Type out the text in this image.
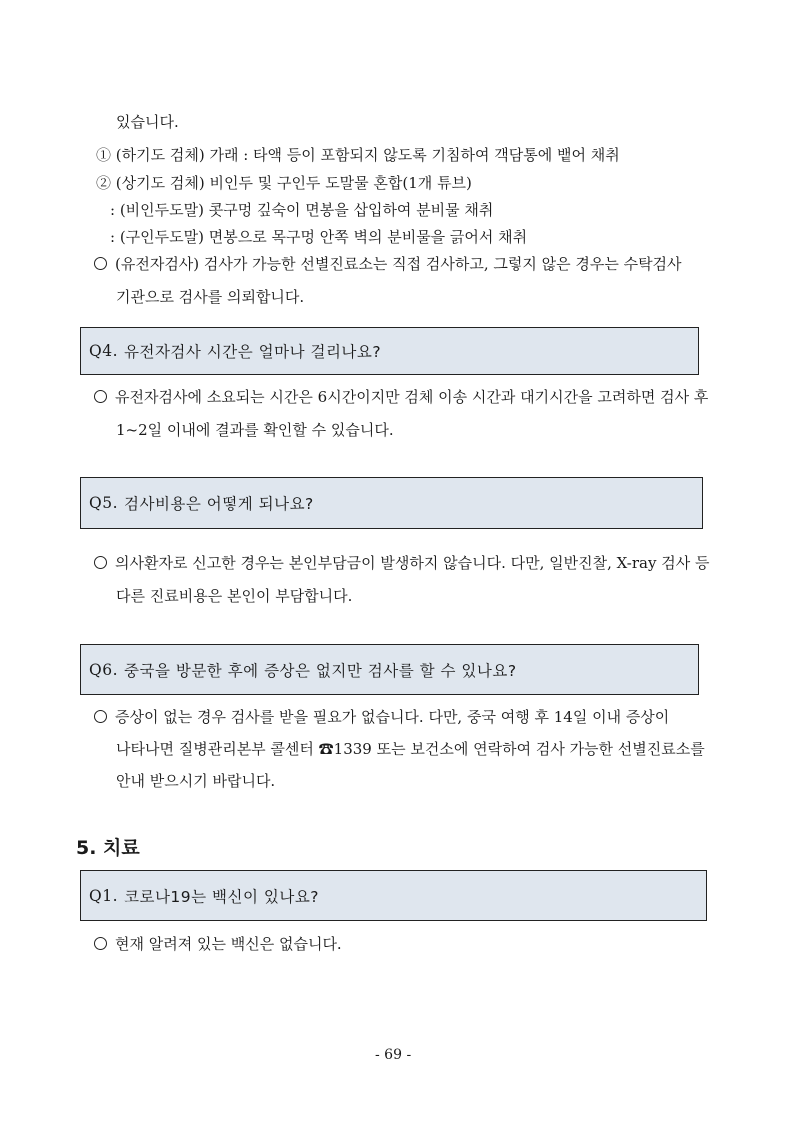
있습니다.
① (하기도 검체) 가래 : 타액 등이 포함되지 않도록 기침하여 객담통에 뱉어 채취
② (상기도 검체) 비인두 및 구인두 도말물 혼합(1개 튜브)
: (비인두도말) 콧구멍 깊숙이 면봉을 삽입하여 분비물 채취
: (구인두도말) 면봉으로 목구멍 안쪽 벽의 분비물을 긁어서 채취
(유전자검사) 검사가 가능한 선별진료소는 직접 검사하고, 그렇지 않은 경우는 수탁검사
기관으로 검사를 의뢰합니다.
Q4. 유전자검사 시간은 얼마나 걸리나요?
유전자검사에 소요되는 시간은 6시간이지만 검체 이송 시간과 대기시간을 고려하면 검사 후
1~2일 이내에 결과를 확인할 수 있습니다.
Q5. 검사비용은 어떻게 되나요?
의사환자로 신고한 경우는 본인부담금이 발생하지 않습니다. 다만, 일반진찰, X-ray 검사 등
다른 진료비용은 본인이 부담합니다.
Q6. 중국을 방문한 후에 증상은 없지만 검사를 할 수 있나요?
증상이 없는 경우 검사를 받을 필요가 없습니다. 다만, 중국 여행 후 14일 이내 증상이
나타나면 질병관리본부 콜센터 ☎1339 또는 보건소에 연락하여 검사 가능한 선별진료소를
안내 받으시기 바랍니다.
5. 치료
Q1. 코로나19는 백신이 있나요?
현재 알려져 있는 백신은 없습니다.
- 69 -
